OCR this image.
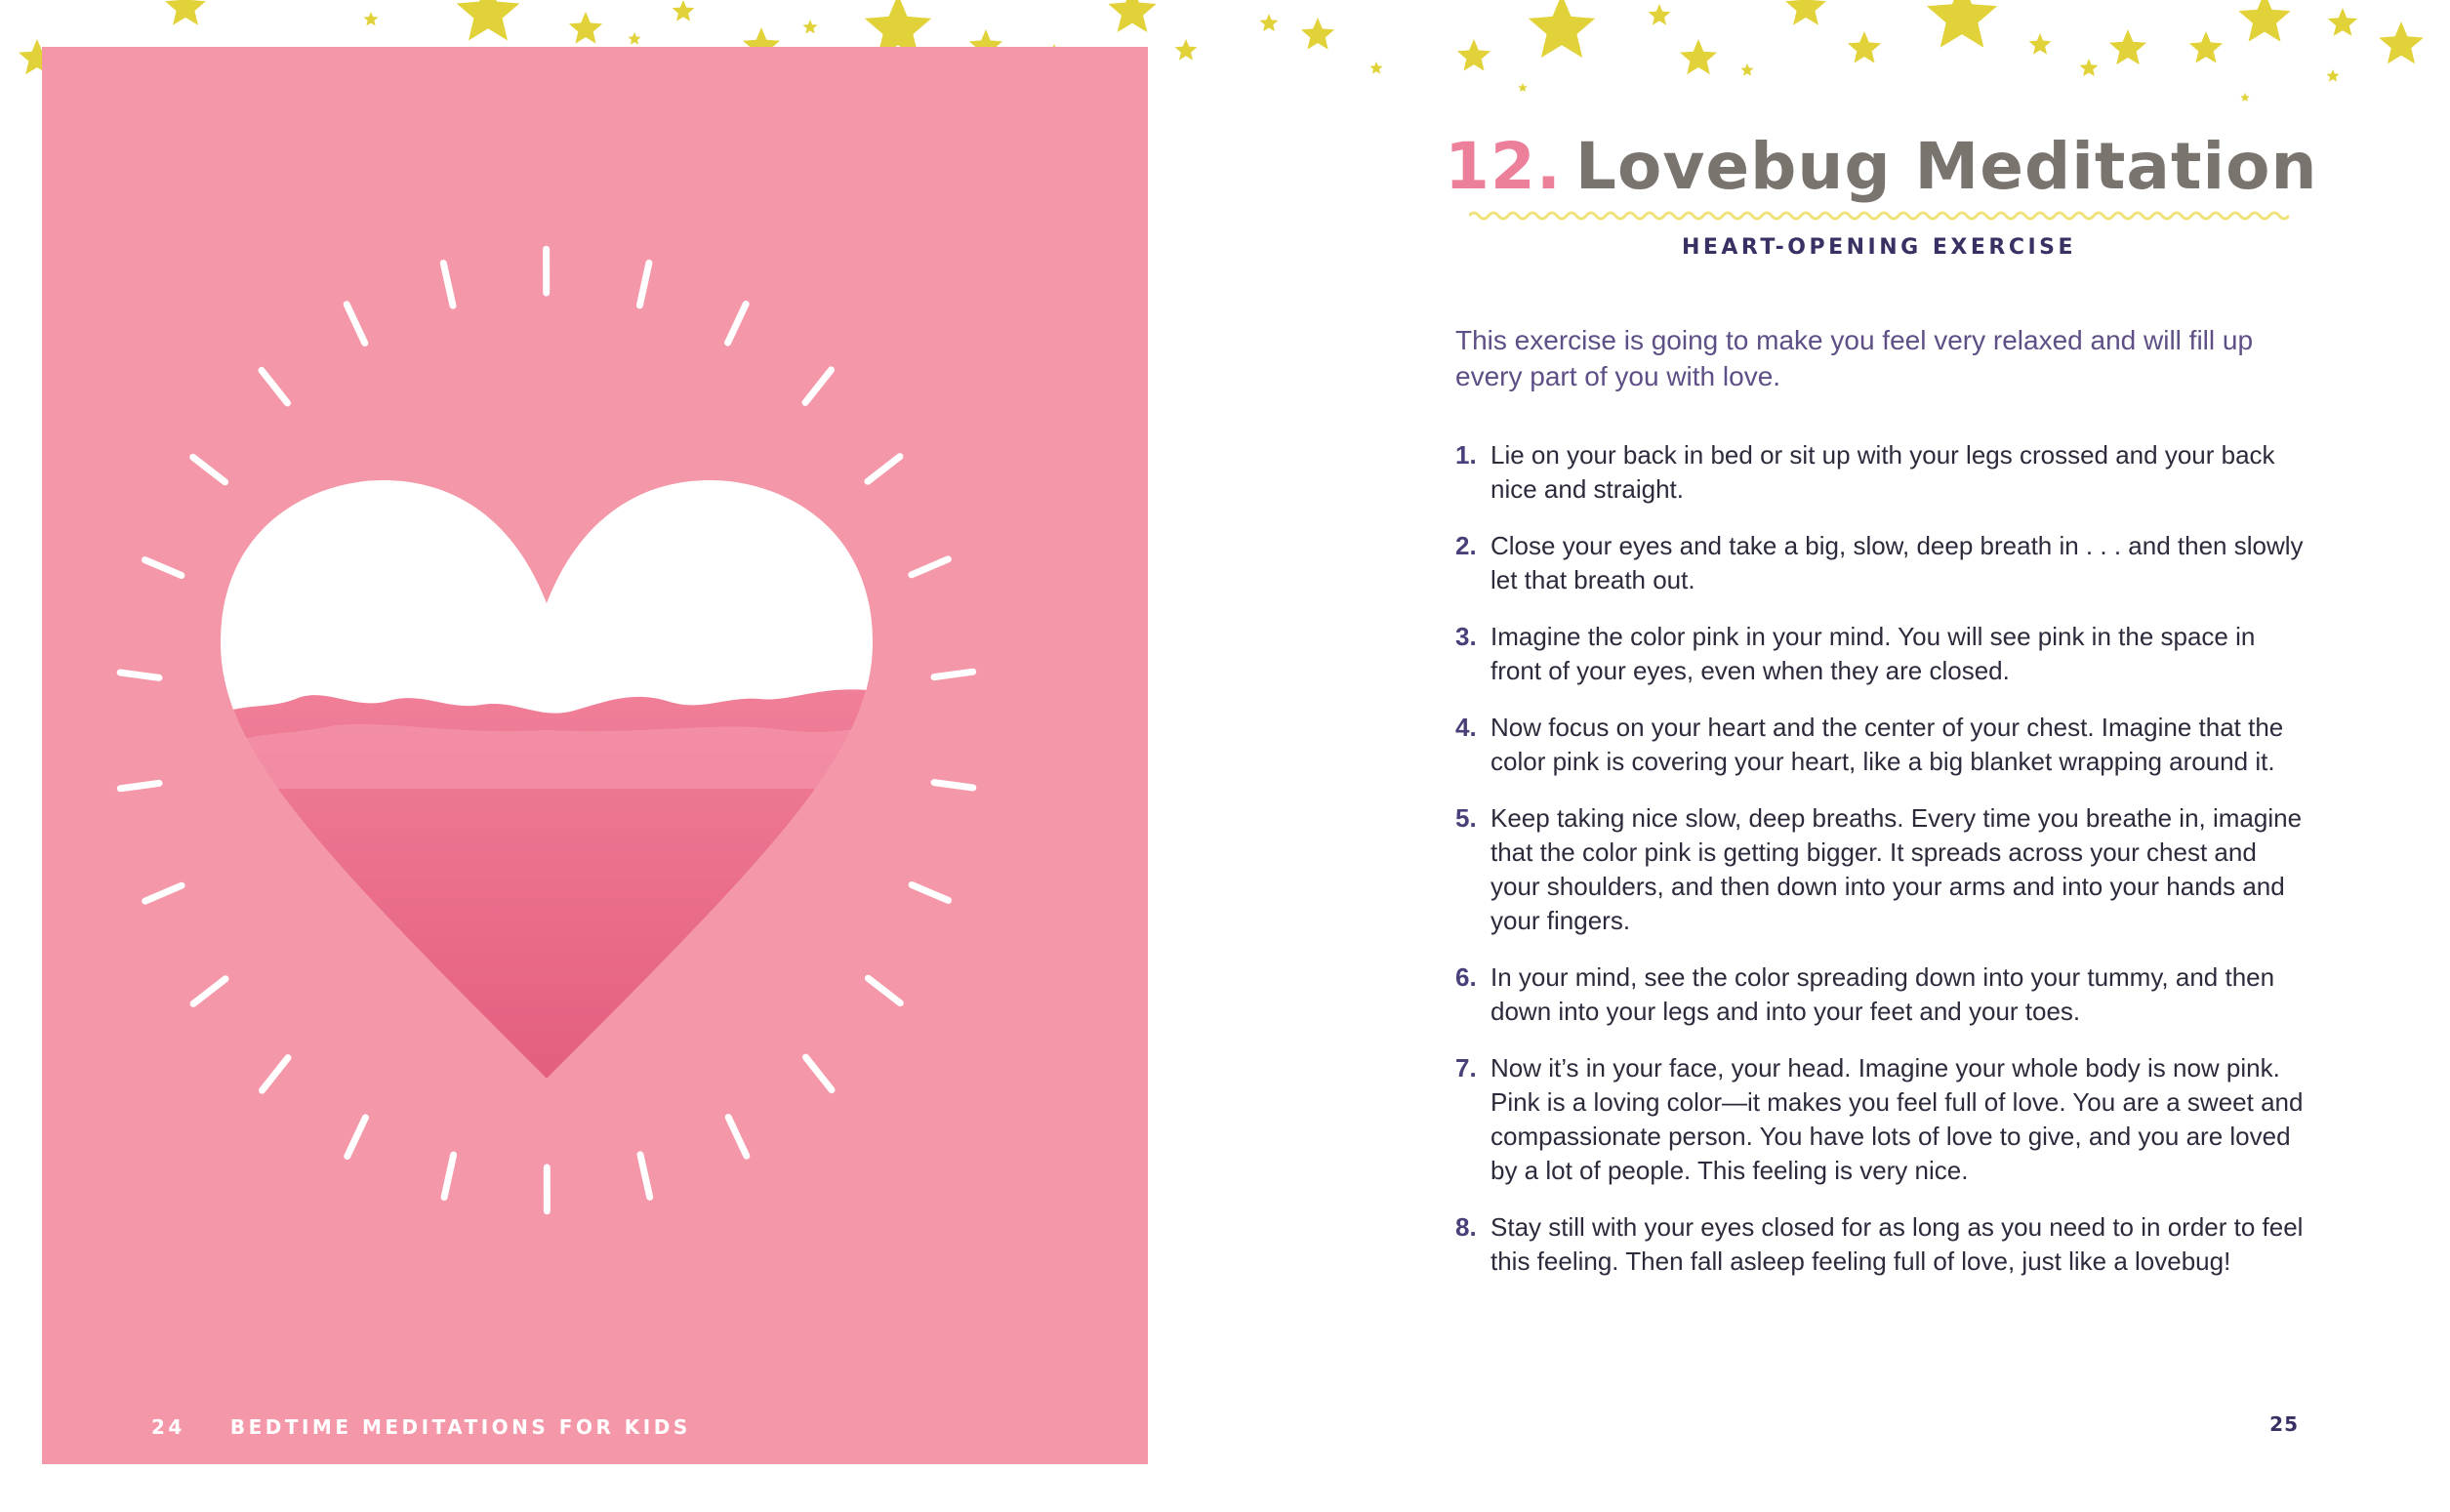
24 BEDTIME MEDITATIONS FOR KIDS
12. Lovebug Meditation
HEART-OPENING EXERCISE

This exercise is going to make you feel very relaxed and will fill up every part of you with love.

1. Lie on your back in bed or sit up with your legs crossed and your back nice and straight.
2. Close your eyes and take a big, slow, deep breath in . . . and then slowly let that breath out.
3. Imagine the color pink in your mind. You will see pink in the space in front of your eyes, even when they are closed.
4. Now focus on your heart and the center of your chest. Imagine that the color pink is covering your heart, like a big blanket wrapping around it.
5. Keep taking nice slow, deep breaths. Every time you breathe in, imagine that the color pink is getting bigger. It spreads across your chest and your shoulders, and then down into your arms and into your hands and your fingers.
6. In your mind, see the color spreading down into your tummy, and then down into your legs and into your feet and your toes.
7. Now it’s in your face, your head. Imagine your whole body is now pink. Pink is a loving color—it makes you feel full of love. You are a sweet and compassionate person. You have lots of love to give, and you are loved by a lot of people. This feeling is very nice.
8. Stay still with your eyes closed for as long as you need to in order to feel this feeling. Then fall asleep feeling full of love, just like a lovebug!
25
